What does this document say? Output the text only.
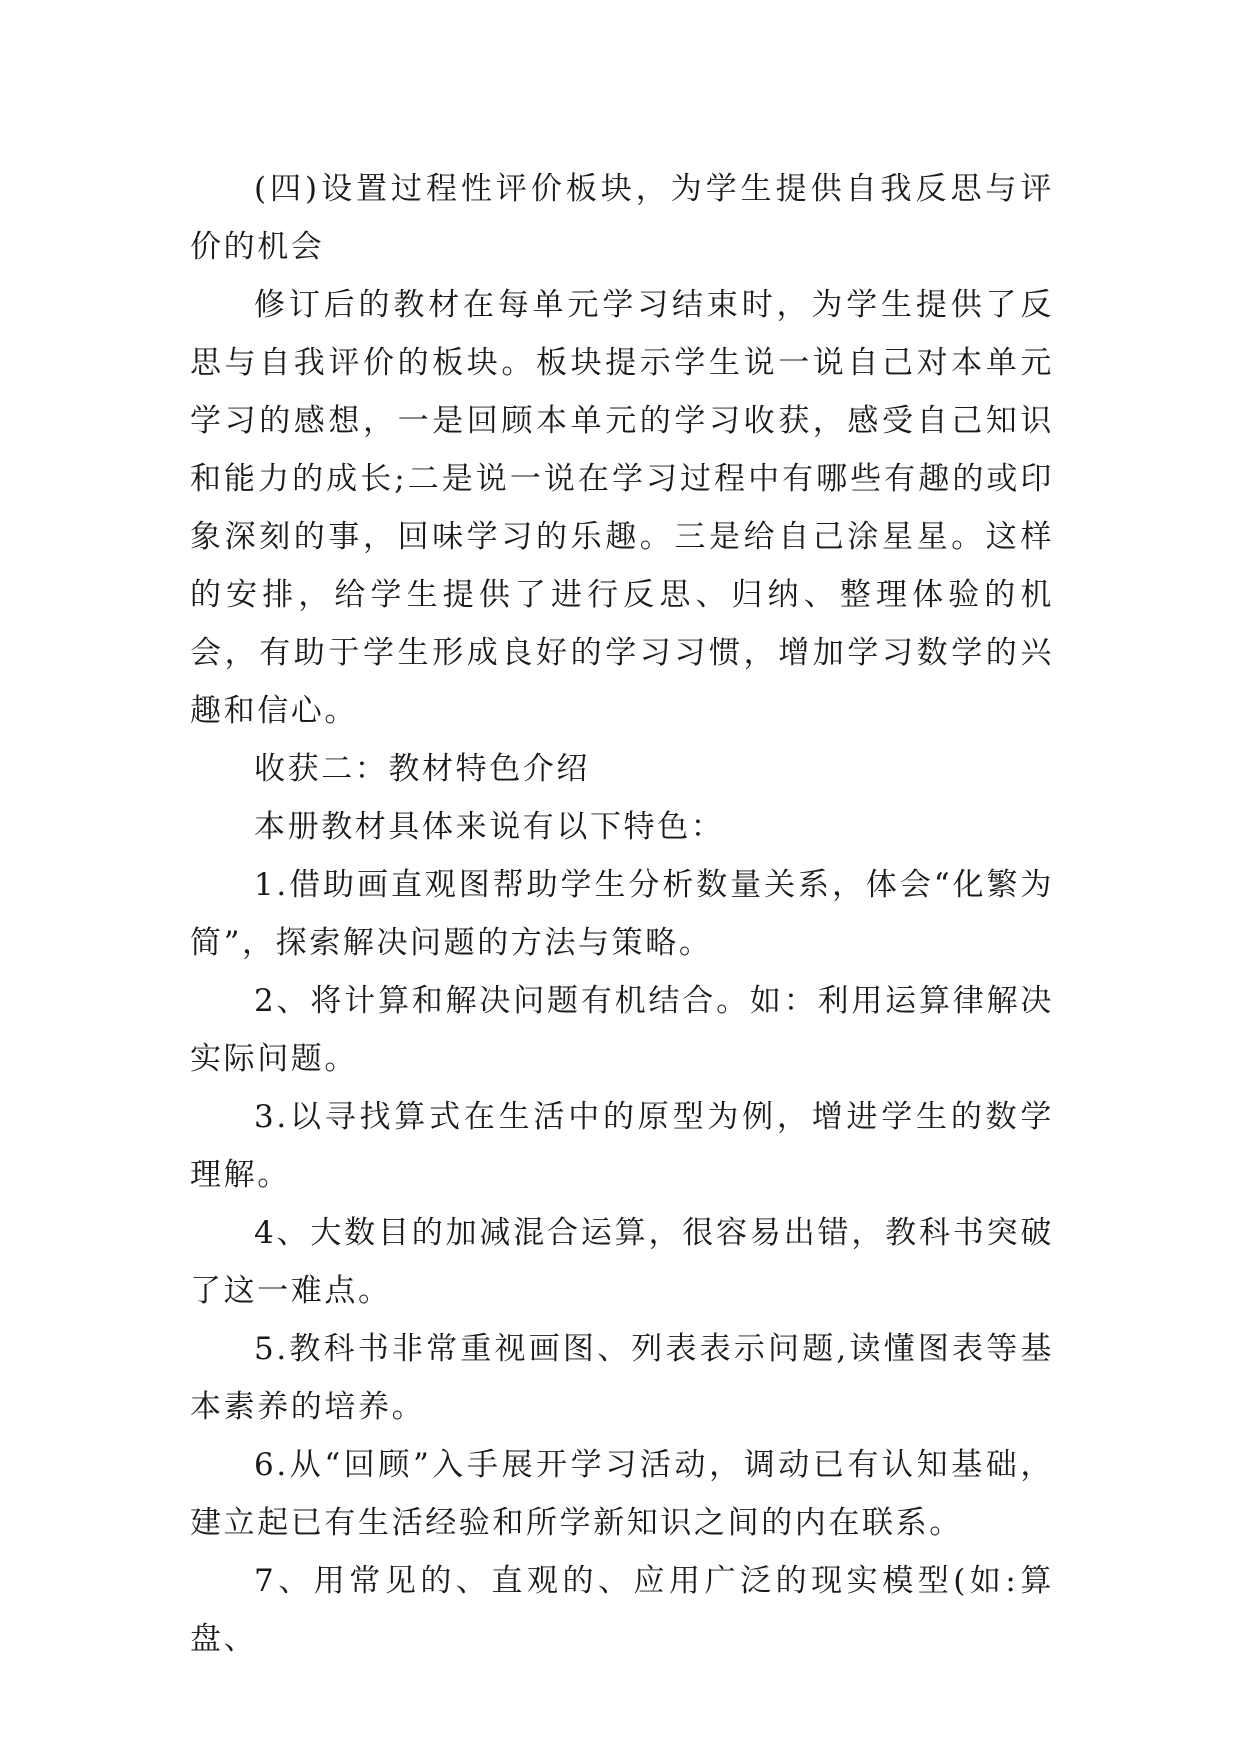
(四)设置过程性评价板块，为学生提供自我反思与评价的机会

修订后的教材在每单元学习结束时，为学生提供了反思与自我评价的板块。板块提示学生说一说自己对本单元学习的感想，一是回顾本单元的学习收获，感受自己知识和能力的成长;二是说一说在学习过程中有哪些有趣的或印象深刻的事，回味学习的乐趣。三是给自己涂星星。这样的安排，给学生提供了进行反思、归纳、整理体验的机会，有助于学生形成良好的学习习惯，增加学习数学的兴趣和信心。

收获二：教材特色介绍

本册教材具体来说有以下特色：

1.借助画直观图帮助学生分析数量关系，体会“化繁为简”，探索解决问题的方法与策略。

2、将计算和解决问题有机结合。如：利用运算律解决实际问题。

3.以寻找算式在生活中的原型为例，增进学生的数学理解。

4、大数目的加减混合运算，很容易出错，教科书突破了这一难点。

5.教科书非常重视画图、列表表示问题,读懂图表等基本素养的培养。

6.从“回顾”入手展开学习活动，调动已有认知基础，建立起已有生活经验和所学新知识之间的内在联系。

7、用常见的、直观的、应用广泛的现实模型(如:算盘、
